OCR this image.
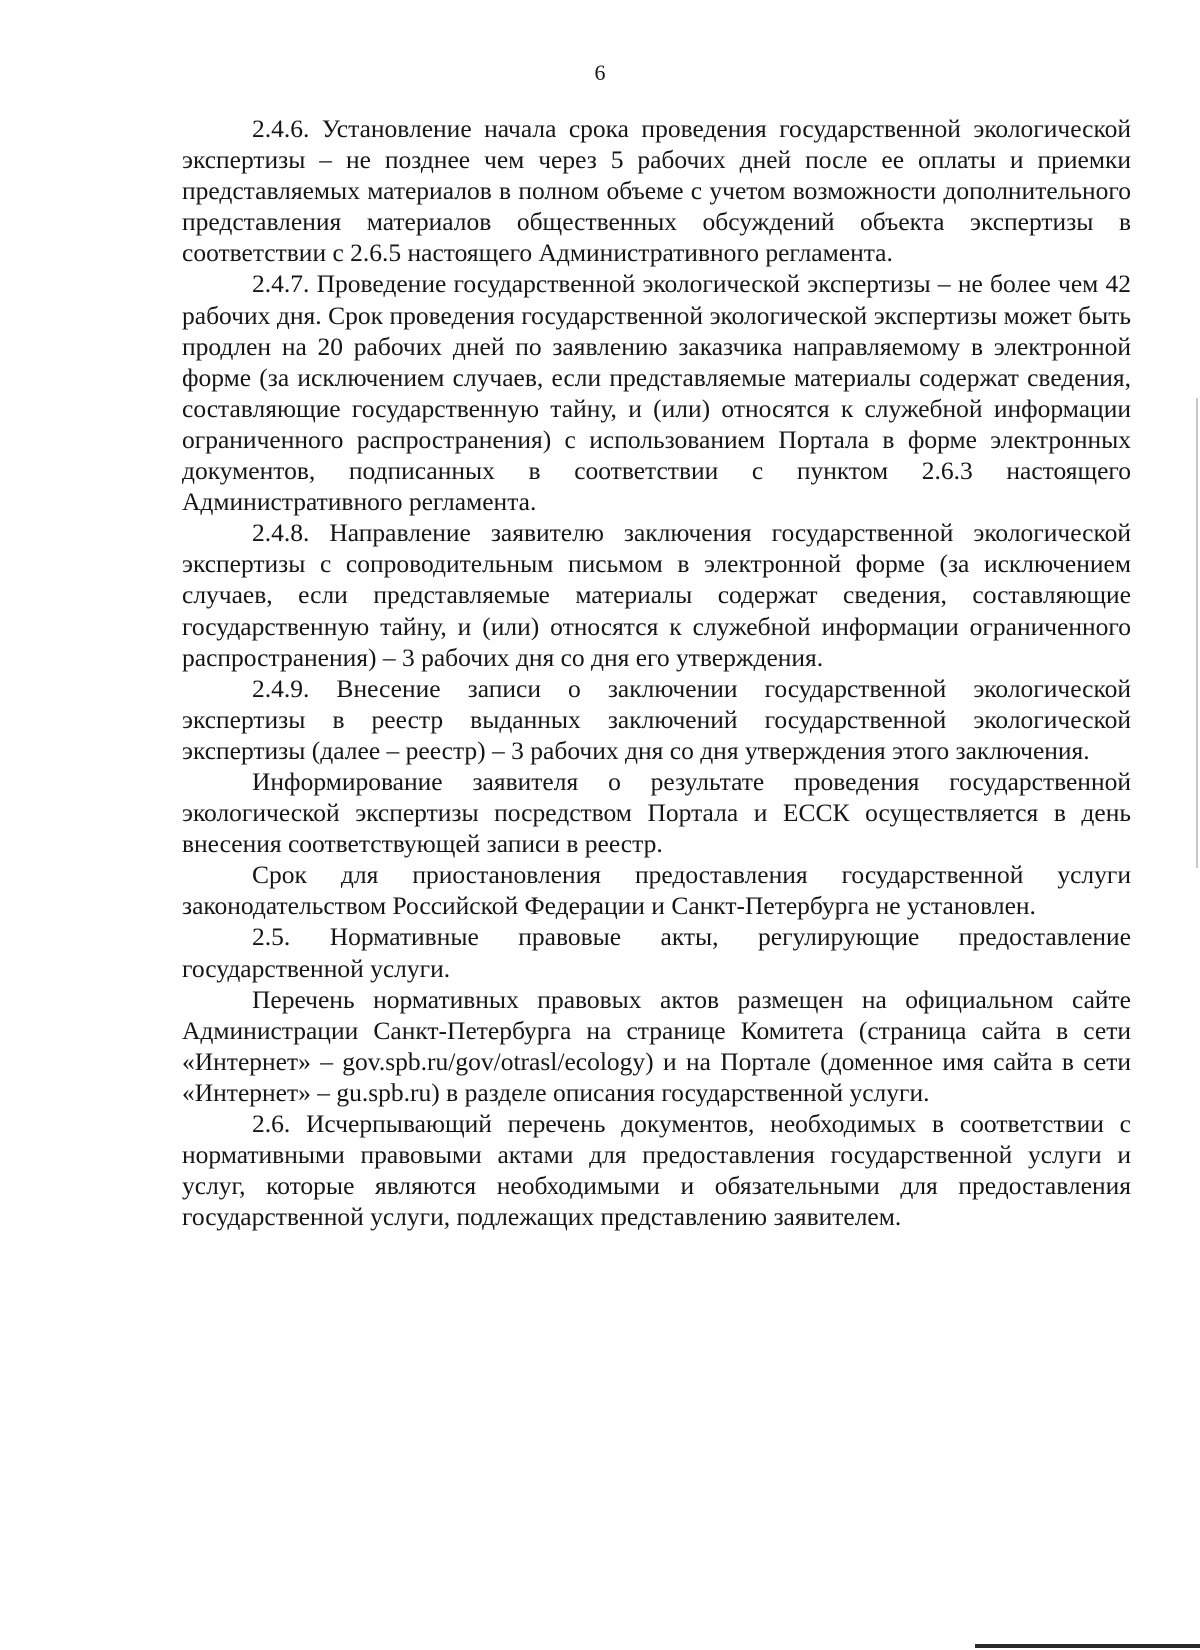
6

2.4.6. Установление начала срока проведения государственной экологической экспертизы – не позднее чем через 5 рабочих дней после ее оплаты и приемки представляемых материалов в полном объеме с учетом возможности дополнительного представления материалов общественных обсуждений объекта экспертизы в соответствии с 2.6.5 настоящего Административного регламента.

2.4.7. Проведение государственной экологической экспертизы – не более чем 42 рабочих дня. Срок проведения государственной экологической экспертизы может быть продлен на 20 рабочих дней по заявлению заказчика направляемому в электронной форме (за исключением случаев, если представляемые материалы содержат сведения, составляющие государственную тайну, и (или) относятся к служебной информации ограниченного распространения) с использованием Портала в форме электронных документов, подписанных в соответствии с пунктом 2.6.3 настоящего Административного регламента.

2.4.8. Направление заявителю заключения государственной экологической экспертизы с сопроводительным письмом в электронной форме (за исключением случаев, если представляемые материалы содержат сведения, составляющие государственную тайну, и (или) относятся к служебной информации ограниченного распространения) – 3 рабочих дня со дня его утверждения.

2.4.9. Внесение записи о заключении государственной экологической экспертизы в реестр выданных заключений государственной экологической экспертизы (далее – реестр) – 3 рабочих дня со дня утверждения этого заключения.

Информирование заявителя о результате проведения государственной экологической экспертизы посредством Портала и ЕССК осуществляется в день внесения соответствующей записи в реестр.

Срок для приостановления предоставления государственной услуги законодательством Российской Федерации и Санкт-Петербурга не установлен.

2.5. Нормативные правовые акты, регулирующие предоставление государственной услуги.

Перечень нормативных правовых актов размещен на официальном сайте Администрации Санкт-Петербурга на странице Комитета (страница сайта в сети «Интернет» – gov.spb.ru/gov/otrasl/ecology) и на Портале (доменное имя сайта в сети «Интернет» – gu.spb.ru) в разделе описания государственной услуги.

2.6. Исчерпывающий перечень документов, необходимых в соответствии с нормативными правовыми актами для предоставления государственной услуги и услуг, которые являются необходимыми и обязательными для предоставления государственной услуги, подлежащих представлению заявителем.
